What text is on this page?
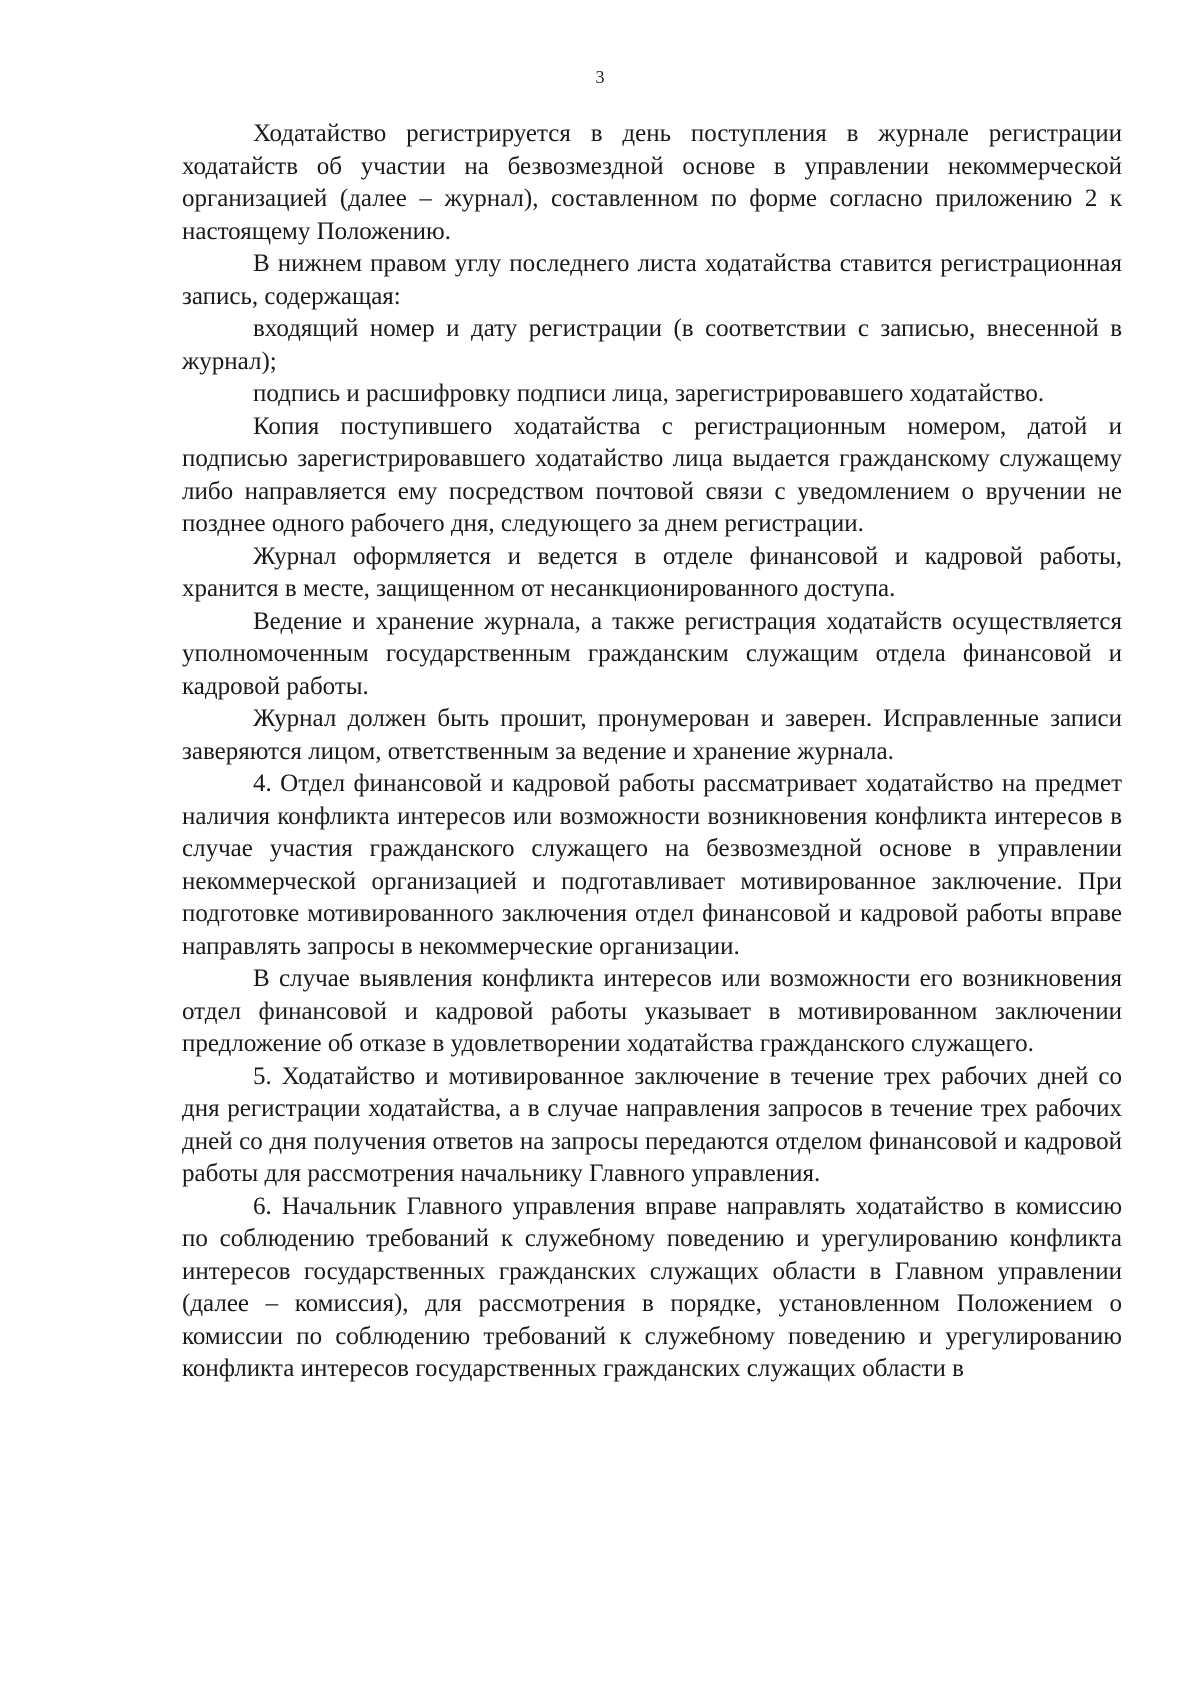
3

Ходатайство регистрируется в день поступления в журнале регистрации ходатайств об участии на безвозмездной основе в управлении некоммерческой организацией (далее – журнал), составленном по форме согласно приложению 2 к настоящему Положению.

В нижнем правом углу последнего листа ходатайства ставится регистрационная запись, содержащая:

входящий номер и дату регистрации (в соответствии с записью, внесенной в журнал);

подпись и расшифровку подписи лица, зарегистрировавшего ходатайство.

Копия поступившего ходатайства с регистрационным номером, датой и подписью зарегистрировавшего ходатайство лица выдается гражданскому служащему либо направляется ему посредством почтовой связи с уведомлением о вручении не позднее одного рабочего дня, следующего за днем регистрации.

Журнал оформляется и ведется в отделе финансовой и кадровой работы, хранится в месте, защищенном от несанкционированного доступа.

Ведение и хранение журнала, а также регистрация ходатайств осуществляется уполномоченным государственным гражданским служащим отдела финансовой и кадровой работы.

Журнал должен быть прошит, пронумерован и заверен. Исправленные записи заверяются лицом, ответственным за ведение и хранение журнала.

4. Отдел финансовой и кадровой работы рассматривает ходатайство на предмет наличия конфликта интересов или возможности возникновения конфликта интересов в случае участия гражданского служащего на безвозмездной основе в управлении некоммерческой организацией и подготавливает мотивированное заключение. При подготовке мотивированного заключения отдел финансовой и кадровой работы вправе направлять запросы в некоммерческие организации.

В случае выявления конфликта интересов или возможности его возникновения отдел финансовой и кадровой работы указывает в мотивированном заключении предложение об отказе в удовлетворении ходатайства гражданского служащего.

5. Ходатайство и мотивированное заключение в течение трех рабочих дней со дня регистрации ходатайства, а в случае направления запросов в течение трех рабочих дней со дня получения ответов на запросы передаются отделом финансовой и кадровой работы для рассмотрения начальнику Главного управления.

6. Начальник Главного управления вправе направлять ходатайство в комиссию по соблюдению требований к служебному поведению и урегулированию конфликта интересов государственных гражданских служащих области в Главном управлении (далее – комиссия), для рассмотрения в порядке, установленном Положением о комиссии по соблюдению требований к служебному поведению и урегулированию конфликта интересов государственных гражданских служащих области в
